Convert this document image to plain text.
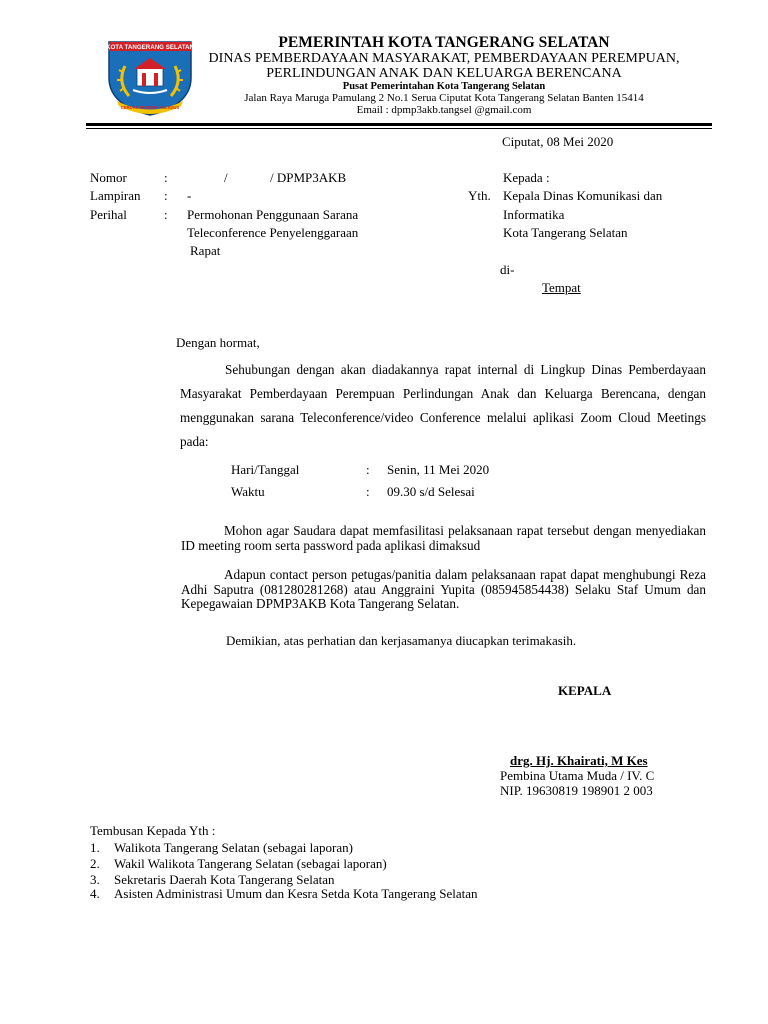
KOTA TANGERANG SELATAN
CERDAS MODERN RELIGIUS
PEMERINTAH KOTA TANGERANG SELATAN
DINAS PEMBERDAYAAN MASYARAKAT, PEMBERDAYAAN PEREMPUAN,
PERLINDUNGAN ANAK DAN KELUARGA BERENCANA
Pusat Pemerintahan Kota Tangerang Selatan
Jalan Raya Maruga Pamulang 2 No.1 Serua Ciputat Kota Tangerang Selatan Banten 15414
Email : dpmp3akb.tangsel @gmail.com
Ciputat, 08 Mei 2020
Nomor	:	/	/ DPMP3AKB
Lampiran : -
Perihal	: Permohonan Penggunaan Sarana
Teleconference Penyelenggaraan
Rapat
Kepada :
Yth. Kepala Dinas Komunikasi dan
Informatika
Kota Tangerang Selatan
di-
Tempat
Dengan hormat,
Sehubungan dengan akan diadakannya rapat internal di Lingkup Dinas Pemberdayaan Masyarakat Pemberdayaan Perempuan Perlindungan Anak dan Keluarga Berencana, dengan menggunakan sarana Teleconference/video Conference melalui aplikasi Zoom Cloud Meetings pada:
Hari/Tanggal	: Senin, 11 Mei 2020
Waktu	: 09.30 s/d Selesai
Mohon agar Saudara dapat memfasilitasi pelaksanaan rapat tersebut dengan menyediakan ID meeting room serta password pada aplikasi dimaksud
Adapun contact person petugas/panitia dalam pelaksanaan rapat dapat menghubungi Reza Adhi Saputra (081280281268) atau Anggraini Yupita (085945854438) Selaku Staf Umum dan Kepegawaian DPMP3AKB Kota Tangerang Selatan.
Demikian, atas perhatian dan kerjasamanya diucapkan terimakasih.
KEPALA
drg. Hj. Khairati, M Kes
Pembina Utama Muda / IV. C
NIP. 19630819 198901 2 003
Tembusan Kepada Yth :
1. Walikota Tangerang Selatan (sebagai laporan)
2. Wakil Walikota Tangerang Selatan (sebagai laporan)
3. Sekretaris Daerah Kota Tangerang Selatan
4. Asisten Administrasi Umum dan Kesra Setda Kota Tangerang Selatan
